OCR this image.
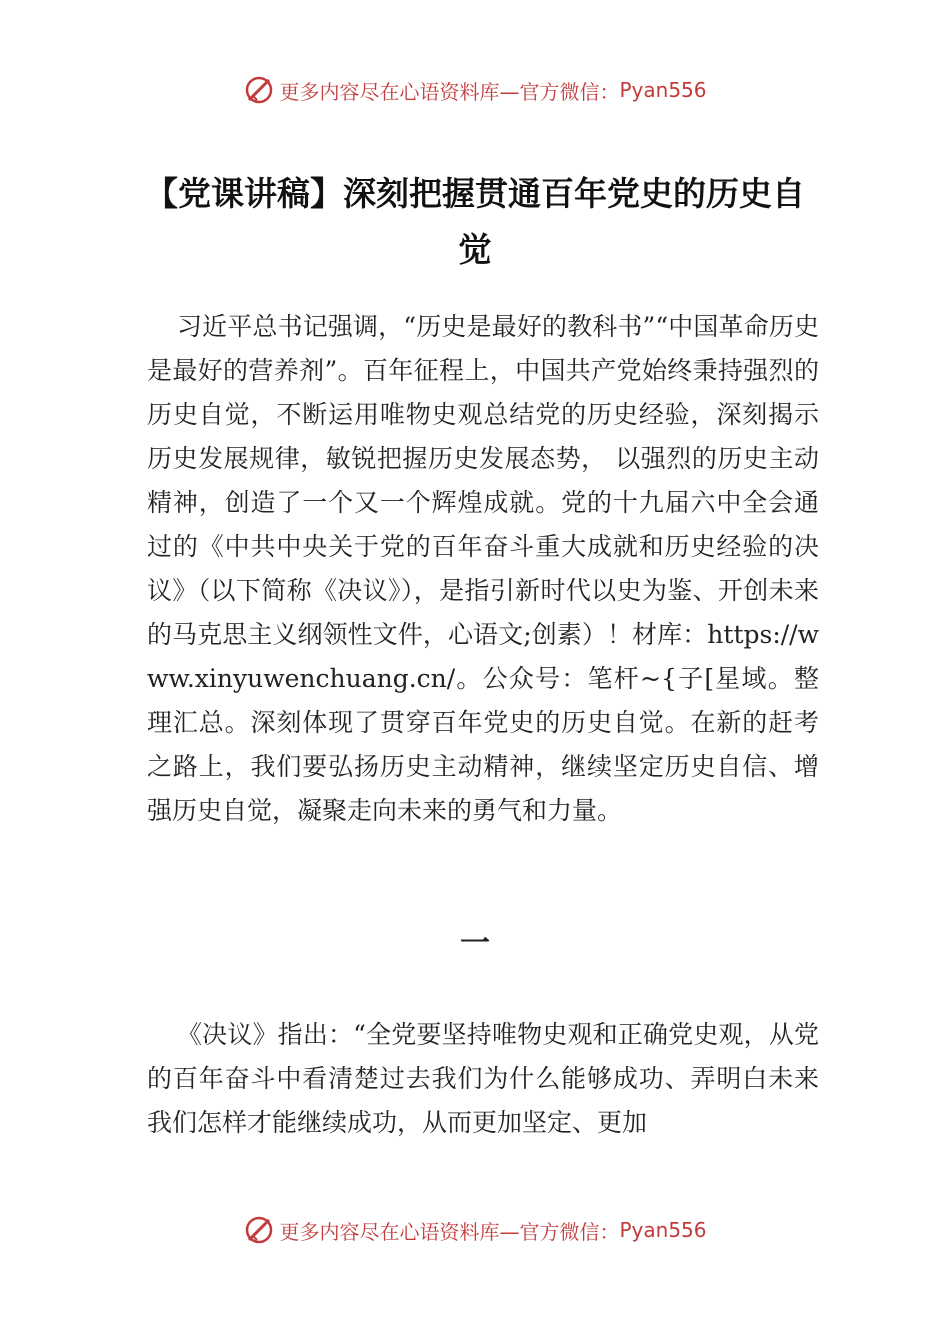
更多内容尽在心语资料库 —官方微信： Pyan556
【党课讲稿】深刻把握贯通百年党史的历史自觉

习近平总书记强调，“历史是最好的教科书”“中国革命历史是最好的营养剂”。百年征程上，中国共产党始终秉持强烈的历史自觉，不断运用唯物史观总结党的历史经验，深刻揭示历史发展规律，敏锐把握历史发展态势， 以强烈的历史主动精神，创造了一个又一个辉煌成就。党的十九届六中全会通过的《中共中央关于党的百年奋斗重大成就和历史经验的决议》（以下简称《决议》），是指引新时代以史为鉴、开创未来的马克思主义纲领性文件，心语文;创素）！材库：https://www.xinyuwenchuang.cn/。公众号：笔杆~{子[星域。整理汇总。深刻体现了贯穿百年党史的历史自觉。在新的赶考之路上，我们要弘扬历史主动精神，继续坚定历史自信、增强历史自觉，凝聚走向未来的勇气和力量。

一

《决议》指出：“全党要坚持唯物史观和正确党史观，从党的百年奋斗中看清楚过去我们为什么能够成功、弄明白未来我们怎样才能继续成功，从而更加坚定、更加

更多内容尽在心语资料库 —官方微信： Pyan556
